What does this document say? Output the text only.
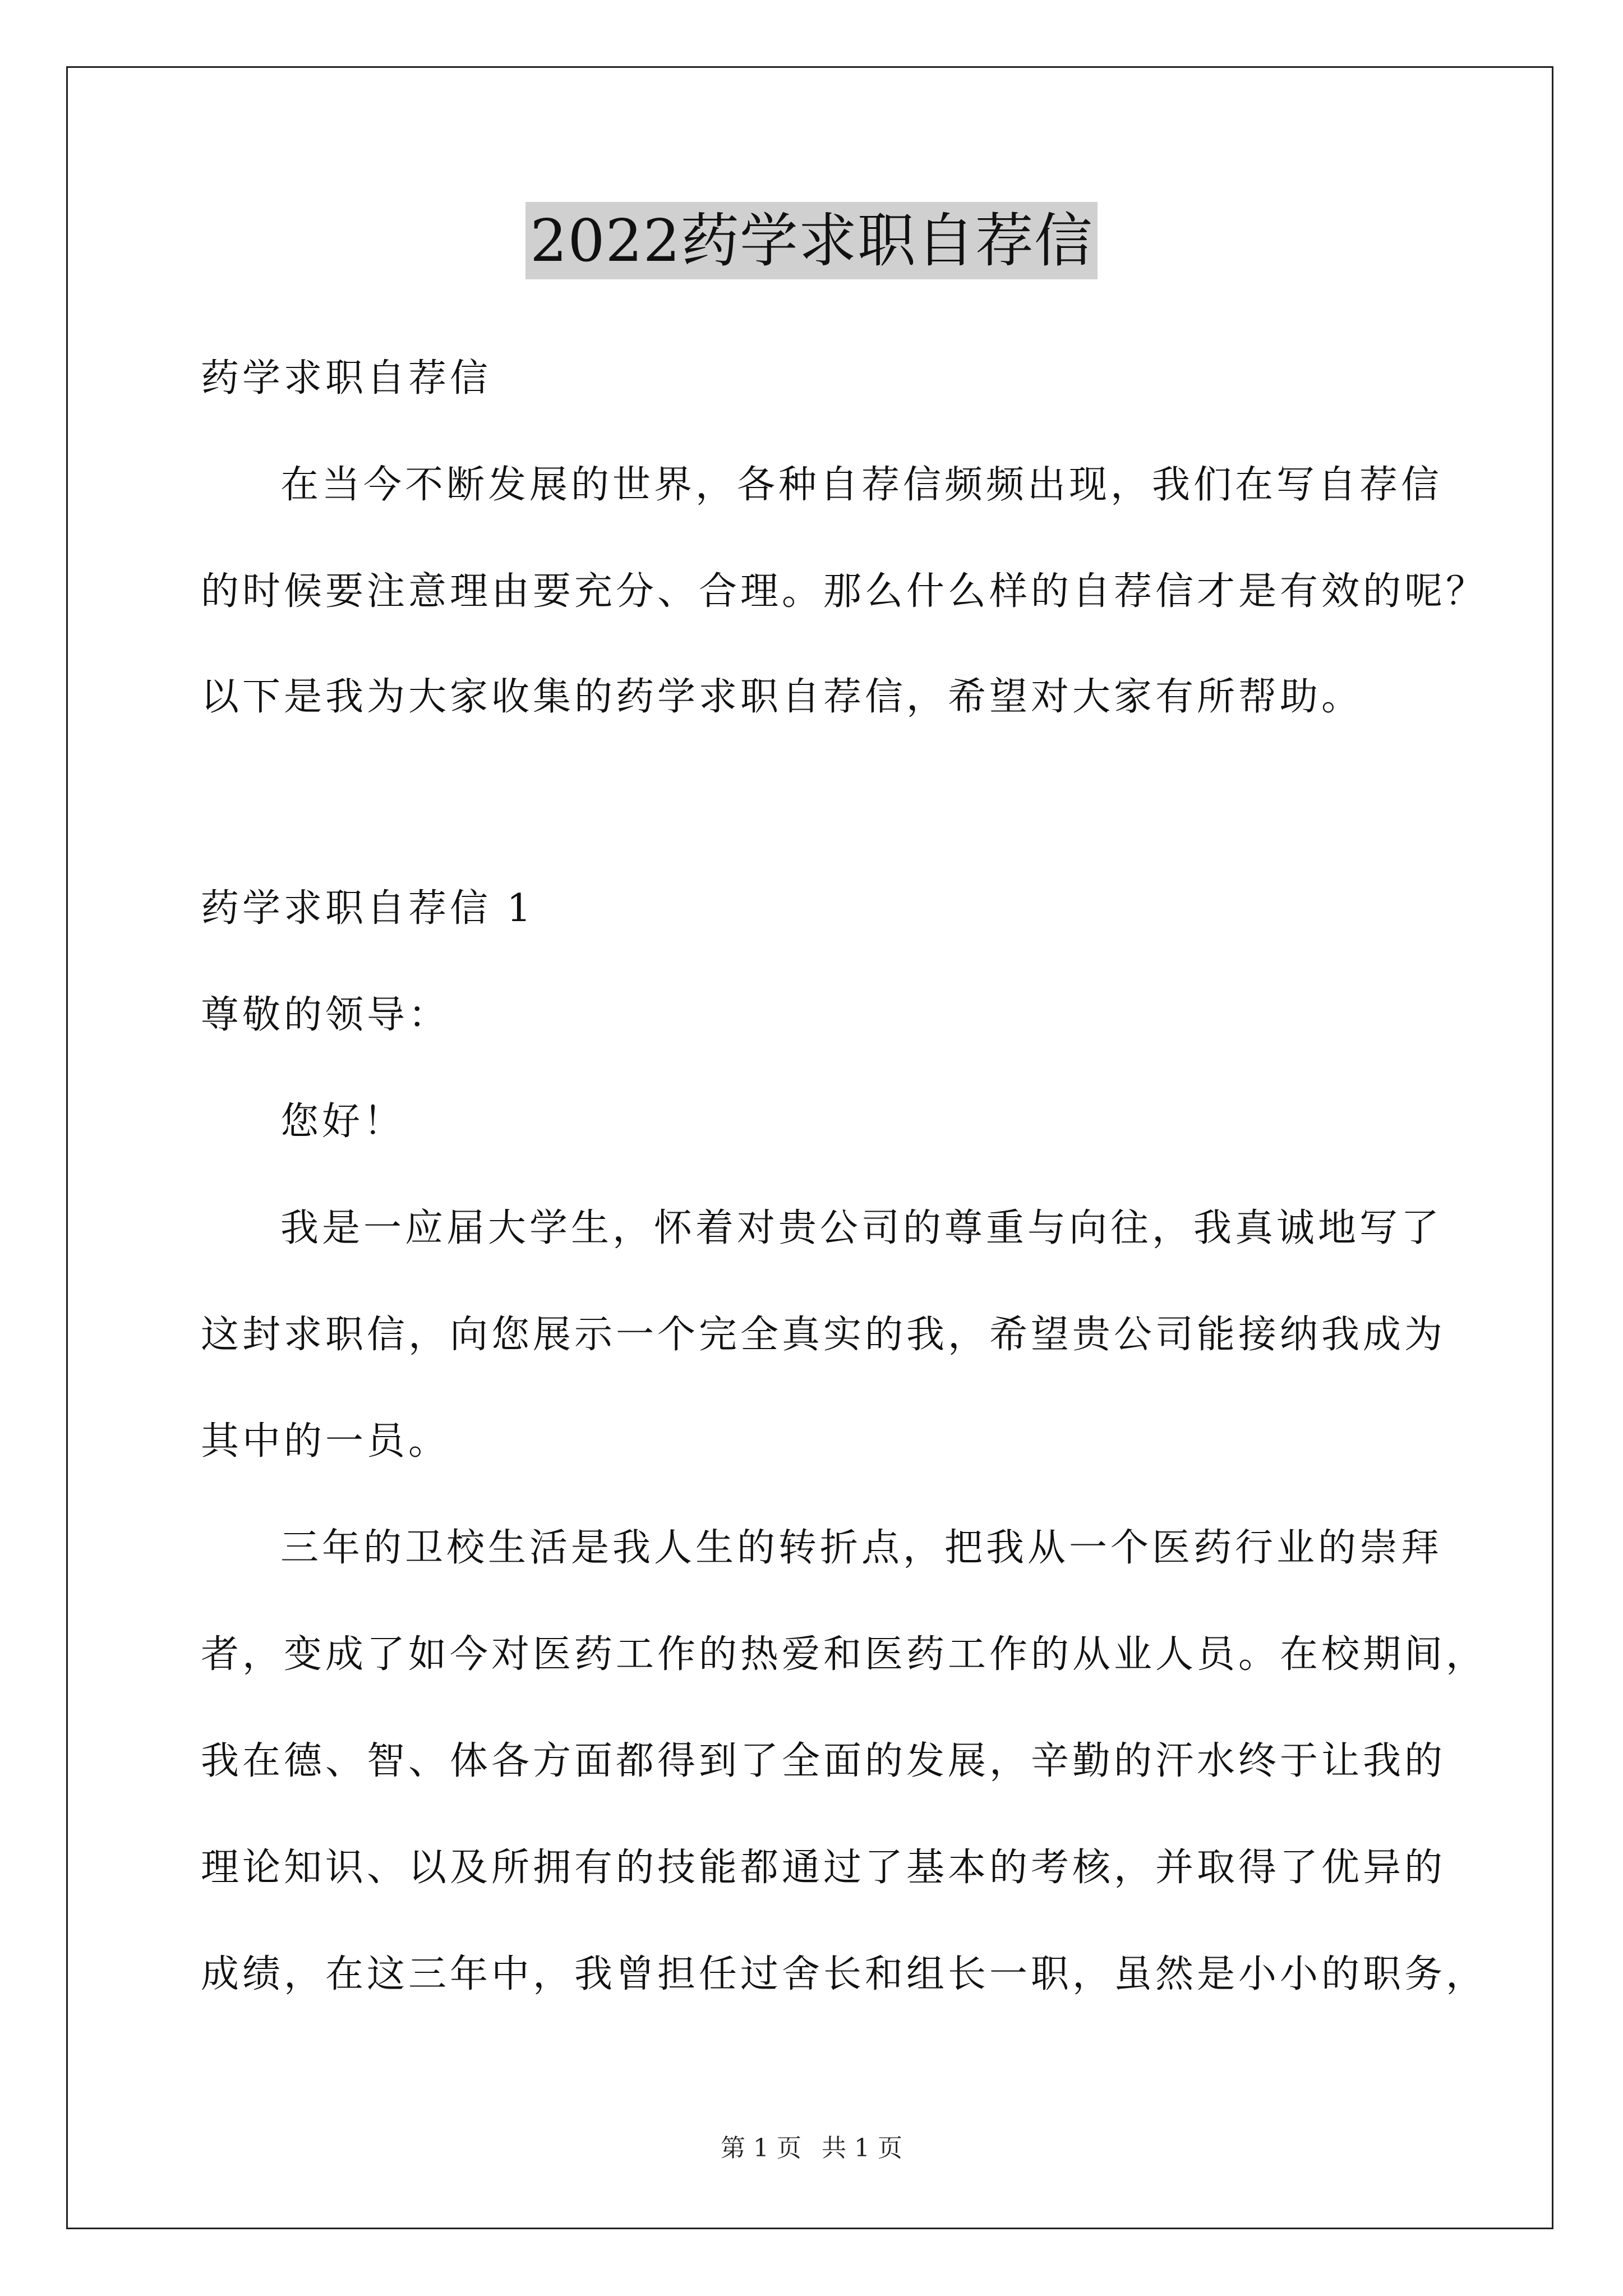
2022药学求职自荐信
药学求职自荐信
在当今不断发展的世界，各种自荐信频频出现，我们在写自荐信
的时候要注意理由要充分、合理。那么什么样的自荐信才是有效的呢？
以下是我为大家收集的药学求职自荐信，希望对大家有所帮助。
药学求职自荐信 1
尊敬的领导：
您好！
我是一应届大学生，怀着对贵公司的尊重与向往，我真诚地写了
这封求职信，向您展示一个完全真实的我，希望贵公司能接纳我成为
其中的一员。
三年的卫校生活是我人生的转折点，把我从一个医药行业的崇拜
者，变成了如今对医药工作的热爱和医药工作的从业人员。在校期间，
我在德、智、体各方面都得到了全面的发展，辛勤的汗水终于让我的
理论知识、以及所拥有的技能都通过了基本的考核，并取得了优异的
成绩，在这三年中，我曾担任过舍长和组长一职，虽然是小小的职务，
第 1 页 共 1 页
